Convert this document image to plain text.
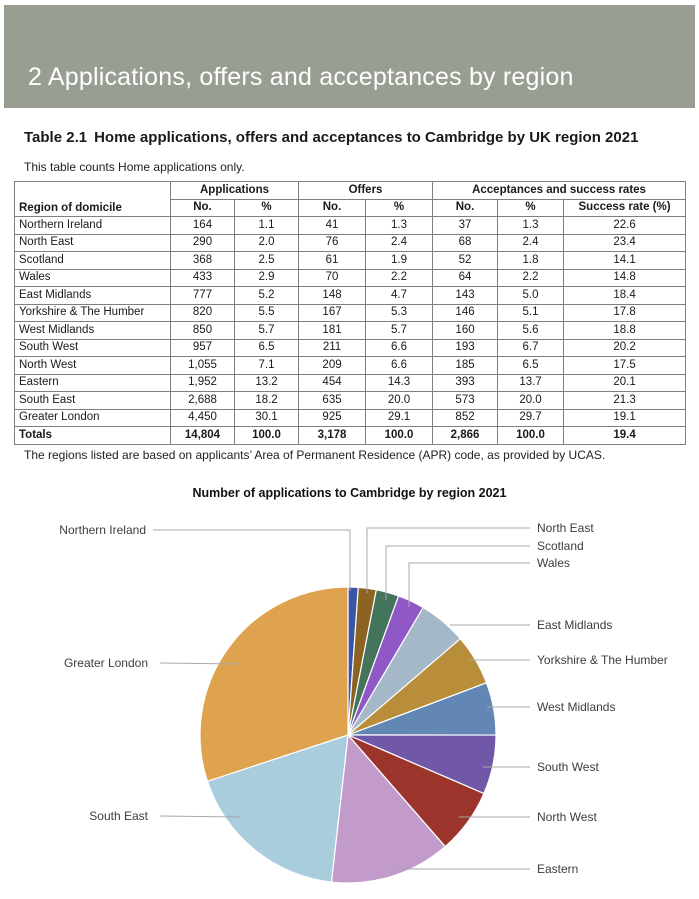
2 Applications, offers and acceptances by region

Table 2.1 Home applications, offers and acceptances to Cambridge by UK region 2021

This table counts Home applications only.

Region of domicile	Applications		Offers		Acceptances and success rates		
	No.	%	No.	%	No.	%	Success rate (%)
Northern Ireland	164	1.1	41	1.3	37	1.3	22.6
North East	290	2.0	76	2.4	68	2.4	23.4
Scotland	368	2.5	61	1.9	52	1.8	14.1
Wales	433	2.9	70	2.2	64	2.2	14.8
East Midlands	777	5.2	148	4.7	143	5.0	18.4
Yorkshire & The Humber	820	5.5	167	5.3	146	5.1	17.8
West Midlands	850	5.7	181	5.7	160	5.6	18.8
South West	957	6.5	211	6.6	193	6.7	20.2
North West	1,055	7.1	209	6.6	185	6.5	17.5
Eastern	1,952	13.2	454	14.3	393	13.7	20.1
South East	2,688	18.2	635	20.0	573	20.0	21.3
Greater London	4,450	30.1	925	29.1	852	29.7	19.1
Totals	14,804	100.0	3,178	100.0	2,866	100.0	19.4

The regions listed are based on applicants’ Area of Permanent Residence (APR) code, as provided by UCAS.

Number of applications to Cambridge by region 2021

Northern Ireland	North East
Scotland
Wales
East Midlands
Yorkshire & The Humber
West Midlands
South West
North West
Eastern
South East
Greater London
